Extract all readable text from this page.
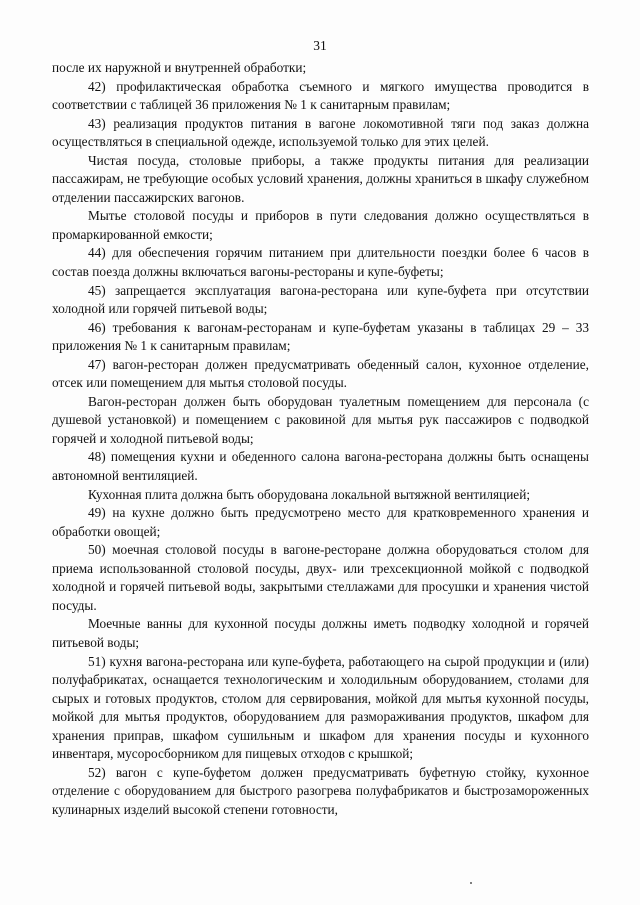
31

после их наружной и внутренней обработки;

42) профилактическая обработка съемного и мягкого имущества проводится в соответствии с таблицей 36 приложения № 1 к санитарным правилам;

43) реализация продуктов питания в вагоне локомотивной тяги под заказ должна осуществляться в специальной одежде, используемой только для этих целей.

Чистая посуда, столовые приборы, а также продукты питания для реализации пассажирам, не требующие особых условий хранения, должны храниться в шкафу служебном отделении пассажирских вагонов.

Мытье столовой посуды и приборов в пути следования должно осуществляться в промаркированной емкости;

44) для обеспечения горячим питанием при длительности поездки более 6 часов в состав поезда должны включаться вагоны-рестораны и купе-буфеты;

45) запрещается эксплуатация вагона-ресторана или купе-буфета при отсутствии холодной или горячей питьевой воды;

46) требования к вагонам-ресторанам и купе-буфетам указаны в таблицах 29 – 33 приложения № 1 к санитарным правилам;

47) вагон-ресторан должен предусматривать обеденный салон, кухонное отделение, отсек или помещением для мытья столовой посуды.

Вагон-ресторан должен быть оборудован туалетным помещением для персонала (с душевой установкой) и помещением с раковиной для мытья рук пассажиров с подводкой горячей и холодной питьевой воды;

48) помещения кухни и обеденного салона вагона-ресторана должны быть оснащены автономной вентиляцией.

Кухонная плита должна быть оборудована локальной вытяжной вентиляцией;

49) на кухне должно быть предусмотрено место для кратковременного хранения и обработки овощей;

50) моечная столовой посуды в вагоне-ресторане должна оборудоваться столом для приема использованной столовой посуды, двух- или трехсекционной мойкой с подводкой холодной и горячей питьевой воды, закрытыми стеллажами для просушки и хранения чистой посуды.

Моечные ванны для кухонной посуды должны иметь подводку холодной и горячей питьевой воды;

51) кухня вагона-ресторана или купе-буфета, работающего на сырой продукции и (или) полуфабрикатах, оснащается технологическим и холодильным оборудованием, столами для сырых и готовых продуктов, столом для сервирования, мойкой для мытья кухонной посуды, мойкой для мытья продуктов, оборудованием для размораживания продуктов, шкафом для хранения приправ, шкафом сушильным и шкафом для хранения посуды и кухонного инвентаря, мусоросборником для пищевых отходов с крышкой;

52) вагон с купе-буфетом должен предусматривать буфетную стойку, кухонное отделение с оборудованием для быстрого разогрева полуфабрикатов и быстрозамороженных кулинарных изделий высокой степени готовности,
